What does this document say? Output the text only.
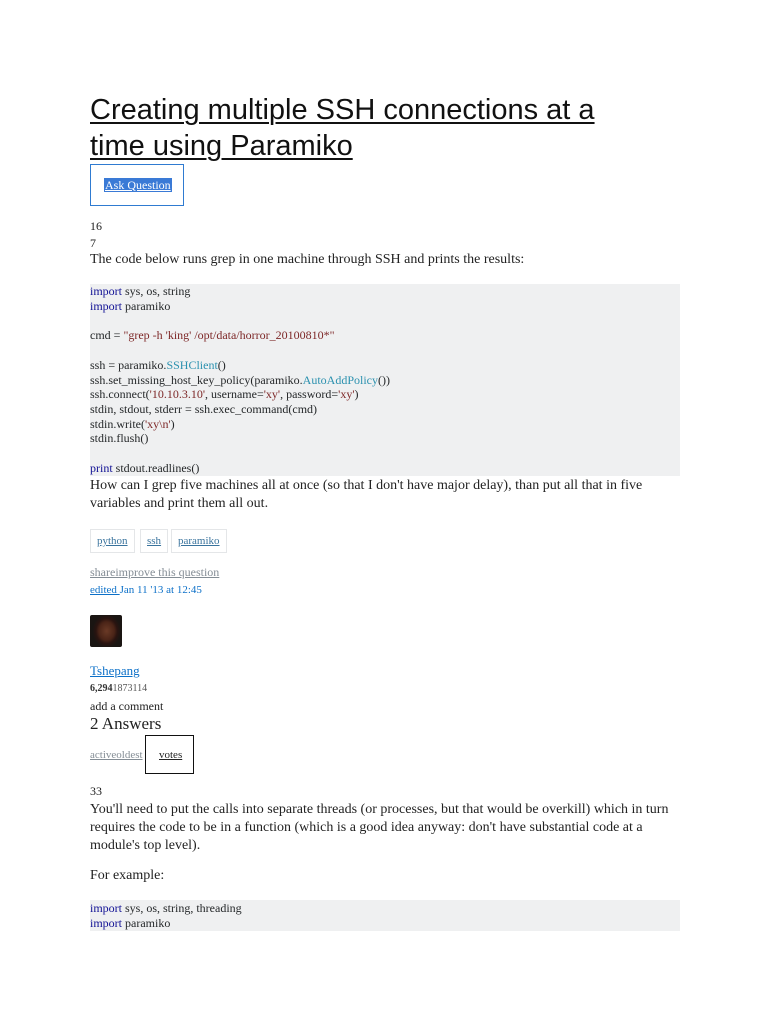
Creating multiple SSH connections at a time using Paramiko
Ask Question
16
7
The code below runs grep in one machine through SSH and prints the results:
import sys, os, string
import paramiko
cmd = "grep -h 'king' /opt/data/horror_20100810*"
ssh = paramiko.SSHClient()
ssh.set_missing_host_key_policy(paramiko.AutoAddPolicy())
ssh.connect('10.10.3.10', username='xy', password='xy')
stdin, stdout, stderr = ssh.exec_command(cmd)
stdin.write('xy\n')
stdin.flush()
print stdout.readlines()
How can I grep five machines all at once (so that I don't have major delay), than put all that in five variables and print them all out.
python	ssh	paramiko
shareimprove this question
edited Jan 11 '13 at 12:45
Tshepang
6,2941873114
add a comment
2 Answers
activeoldest votes
33
You'll need to put the calls into separate threads (or processes, but that would be overkill) which in turn requires the code to be in a function (which is a good idea anyway: don't have substantial code at a module's top level).
For example:
import sys, os, string, threading
import paramiko
